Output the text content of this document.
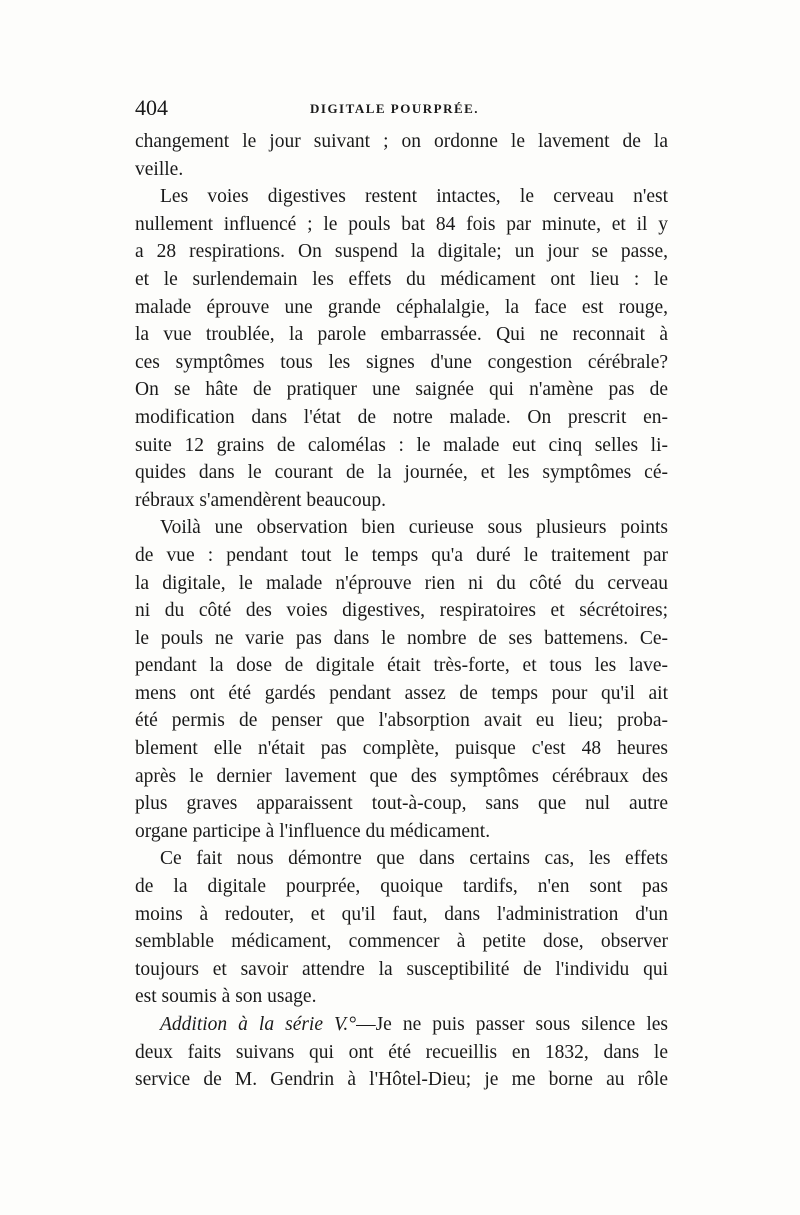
404	DIGITALE POURPRÉE.
changement le jour suivant ; on ordonne le lavement de la
veille.
Les voies digestives restent intactes, le cerveau n'est
nullement influencé ; le pouls bat 84 fois par minute, et il y
a 28 respirations. On suspend la digitale; un jour se passe,
et le surlendemain les effets du médicament ont lieu : le
malade éprouve une grande céphalalgie, la face est rouge,
la vue troublée, la parole embarrassée. Qui ne reconnait à
ces symptômes tous les signes d'une congestion cérébrale?
On se hâte de pratiquer une saignée qui n'amène pas de
modification dans l'état de notre malade. On prescrit en-
suite 12 grains de calomélas : le malade eut cinq selles li-
quides dans le courant de la journée, et les symptômes cé-
rébraux s'amendèrent beaucoup.
Voilà une observation bien curieuse sous plusieurs points
de vue : pendant tout le temps qu'a duré le traitement par
la digitale, le malade n'éprouve rien ni du côté du cerveau
ni du côté des voies digestives, respiratoires et sécrétoires;
le pouls ne varie pas dans le nombre de ses battemens. Ce-
pendant la dose de digitale était très-forte, et tous les lave-
mens ont été gardés pendant assez de temps pour qu'il ait
été permis de penser que l'absorption avait eu lieu; proba-
blement elle n'était pas complète, puisque c'est 48 heures
après le dernier lavement que des symptômes cérébraux des
plus graves apparaissent tout-à-coup, sans que nul autre
organe participe à l'influence du médicament.
Ce fait nous démontre que dans certains cas, les effets
de la digitale pourprée, quoique tardifs, n'en sont pas
moins à redouter, et qu'il faut, dans l'administration d'un
semblable médicament, commencer à petite dose, observer
toujours et savoir attendre la susceptibilité de l'individu qui
est soumis à son usage.
Addition à la série V.°—Je ne puis passer sous silence les
deux faits suivans qui ont été recueillis en 1832, dans le
service de M. Gendrin à l'Hôtel-Dieu; je me borne au rôle
